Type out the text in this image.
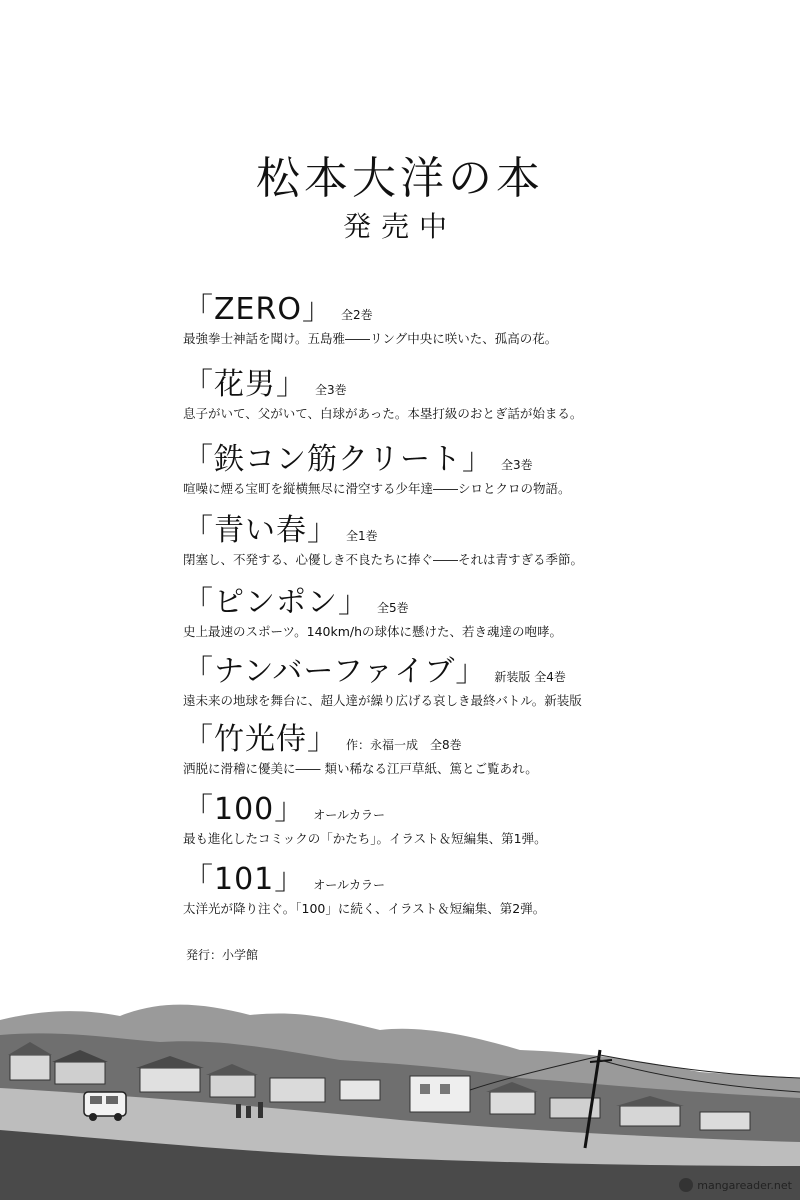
松本大洋の本
発売中
「ZERO」 全2巻
最強拳士神話を聞け。五島雅――リング中央に咲いた、孤高の花。
「花男」 全3巻
息子がいて、父がいて、白球があった。本塁打級のおとぎ話が始まる。
「鉄コン筋クリート」 全3巻
喧噪に煙る宝町を縦横無尽に滑空する少年達――シロとクロの物語。
「青い春」 全1巻
閉塞し、不発する、心優しき不良たちに捧ぐ――それは青すぎる季節。
「ピンポン」 全5巻
史上最速のスポーツ。140km/hの球体に懸けた、若き魂達の咆哮。
「ナンバーファイブ」 新装版 全4巻
遠未来の地球を舞台に、超人達が繰り広げる哀しき最終バトル。新装版
「竹光侍」 作：永福一成　全8巻
洒脱に滑稽に優美に―― 類い稀なる江戸草紙、篤とご覧あれ。
「100」 オールカラー
最も進化したコミックの「かたち」。イラスト＆短編集、第1弾。
「101」 オールカラー
太洋光が降り注ぐ。「100」に続く、イラスト＆短編集、第2弾。
発行：小学館
mangareader.net
